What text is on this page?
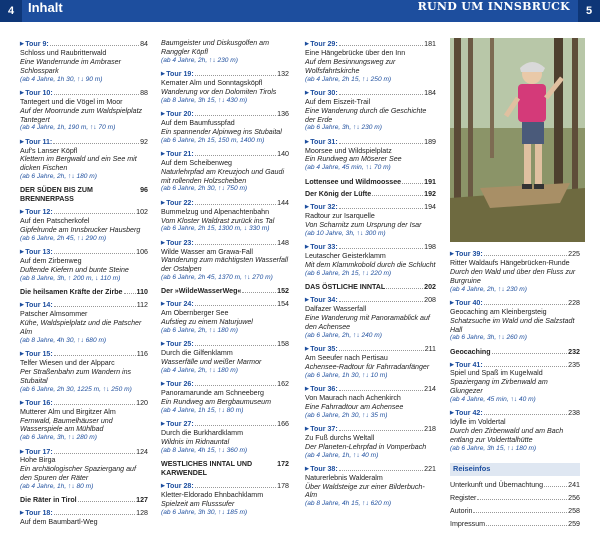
4	Inhalt	RUND UM INNSBRUCK	5
▶ Tour 9:	84
Schloss und Raubritterwald
Eine Wanderrunde im Ambraser Schlosspark
(ab 4 Jahre, 1h 30, ↑↓ 90 m)
▶ Tour 10:	88
Tantegert und die Vögel im Moor
Auf der Moorrunde zum Waldspielplatz Tantegert
(ab 4 Jahre, 1h, 190 m, ↑↓ 70 m)
▶ Tour 11:	92
Auf's Lanser Köpfl
Klettern im Bergwald und ein See mit dicken Fischen
(ab 6 Jahre, 2h, ↑↓ 180 m)
DER SÜDEN BIS ZUM BRENNERPASS
96
▶ Tour 12:	102
Auf den Patscherkofel
Gipfelrunde am Innsbrucker Hausberg
(ab 6 Jahre, 2h 45, ↑↓ 290 m)
▶ Tour 13:	106
Auf dem Zirbenweg
Duftende Kiefern und bunte Steine
(ab 8 Jahre, 3h, ↑ 200 m, ↓ 110 m)
Die heilsamen Kräfte der Zirbe 110
▶ Tour 14:	112
Patscher Almsommer
Kühe, Waldspielplatz und die Patscher Alm
(ab 8 Jahre, 4h 30, ↑↓ 680 m)
▶ Tour 15:	116
Telfer Wiesen und der Alpparc
Per Straßenbahn zum Wandern ins Stubaital
(ab 6 Jahre, 2h 30, 1225 m, ↑↓ 250 m)
▶ Tour 16:	120
Mutterer Alm und Birgitzer Alm
Fernwald, Baumelhäuser und Wasserspiele am Mühlbad
(ab 6 Jahre, 3h, ↑↓ 280 m)
▶ Tour 17:	124
Hohe Birga
Ein archäologischer Spaziergang auf den Spuren der Räter
(ab 4 Jahre, 1h, ↑↓ 80 m)
Die Räter in Tirol	127
▶ Tour 18:	128
Auf dem Baumbartl-Weg
Baumgeister und Diskusgolfen am Ranggler Köpfl
(ab 4 Jahre, 2h, ↑↓ 230 m)
▶ Tour 19:	132
Kemater Alm und Sonntagsköpfl
Wanderung vor den Dolomiten Tirols
(ab 8 Jahre, 3h 15, ↑↓ 430 m)
▶ Tour 20:	136
Auf dem Baumfusspfad
Ein spannender Alpinweg ins Stubaital
(ab 6 Jahre, 2h 15, 150 m, 1400 m)
▶ Tour 21:	140
Auf dem Scheibenweg
Naturlehrpfad am Kreuzjoch und Gaudi mit rollenden Holzscheiben
(ab 6 Jahre, 2h 30, ↑↓ 750 m)
▶ Tour 22:	144
Bummelzug und Alpenachtenbahn
Vom Kloster Waldrast zurück ins Tal
(ab 6 Jahre, 2h 15, 1300 m, ↓ 330 m)
▶ Tour 23:	148
Wilde Wasser am Grawa-Fall
Wanderung zum mächtigsten Wasserfall der Ostalpen
(ab 6 Jahre, 2h 45, 1370 m, ↑↓ 270 m)
Der »WildeWasserWeg«	152
▶ Tour 24:	154
Am Obernberger See
Aufstieg zu einem Naturjuwel
(ab 6 Jahre, 2h, ↑↓ 180 m)
▶ Tour 25:	158
Durch die Gilfenklamm
Wasserfälle und weißer Marmor
(ab 4 Jahre, 2h, ↑↓ 180 m)
▶ Tour 26:	162
Panoramarunde am Schneeberg
Ein Rundweg am Bergbaumuseum
(ab 4 Jahre, 1h 15, ↑↓ 80 m)
▶ Tour 27:	166
Durch die Burkhardklamm
Wildnis im Ridnauntal
(ab 8 Jahre, 4h 15, ↑↓ 360 m)
WESTLICHES INNTAL UND KARWENDEL
172
▶ Tour 28:	178
Kletter-Eldorado Ehnbachklamm
Spielzeit am Flusssufer
(ab 6 Jahre, 3h 30, ↑↓ 185 m)
▶ Tour 29:	181
Eine Hängebrücke über den Inn
Auf dem Besinnungsweg zur Wolfsfahrtskirche
(ab 4 Jahre, 2h 15, ↑↓ 250 m)
▶ Tour 30:	184
Auf dem Eiszeit-Trail
Eine Wanderung durch die Geschichte der Erde
(ab 6 Jahre, 3h, ↑↓ 230 m)
▶ Tour 31:	189
Moorsee und Wildspielplatz
Ein Rundweg am Möserer See
(ab 4 Jahre, 45 min, ↑↓ 70 m)
Lottensee und Wildmoossee	191
Der König der Lüfte	192
▶ Tour 32:	194
Radtour zur Isarquelle
Von Scharnitz zum Ursprung der Isar
(ab 10 Jahre, 3h, ↑↓ 300 m)
▶ Tour 33:	198
Leutascher Geisterklamm
Mit dem Klammkobold durch die Schlucht
(ab 6 Jahre, 2h 15, ↑↓ 220 m)
DAS ÖSTLICHE INNTAL	202
▶ Tour 34:	208
Dalfazer Wasserfall
Eine Wanderung mit Panoramablick auf den Achensee
(ab 6 Jahre, 2h, ↑↓ 240 m)
▶ Tour 35:	211
Am Seeufer nach Pertisau
Achensee-Radtour für Fahrradanfänger
(ab 6 Jahre, 1h 30, ↑↓ 10 m)
▶ Tour 36:	214
Von Maurach nach Achenkirch
Eine Fahrradtour am Achensee
(ab 6 Jahre, 2h 30, ↑↓ 35 m)
▶ Tour 37:	218
Zu Fuß durchs Weltall
Der Planeten-Lehrpfad in Vomperbach
(ab 4 Jahre, 1h, ↑↓ 40 m)
▶ Tour 38:	221
Naturerlebnis Walderalm
Über Waldsteige zur einer Bilderbuch-Alm
(ab 8 Jahre, 4h 15, ↑↓ 620 m)
▶ Tour 39:	225
Ritter Waldaufs Hängebrücken-Runde
Durch den Wald und über den Fluss zur Burgruine
(ab 4 Jahre, 2h, ↑↓ 230 m)
▶ Tour 40:	228
Geocaching am Kleinbergsteig
Schatzsuche im Wald und die Salzstadt Hall
(ab 6 Jahre, 3h, ↑↓ 260 m)
Geocaching	232
▶ Tour 41:	235
Spiel und Spaß im Kugelwald
Spaziergang im Zirbenwald am Glungezer
(ab 4 Jahre, 45 min, ↑↓ 40 m)
▶ Tour 42:	238
Idylle im Voldertal
Durch den Zirbenwald und am Bach entlang zur Volderttalhütte
(ab 6 Jahre, 3h 15, ↑↓ 180 m)
Reiseinfos
Unterkunft und Übernachtung	241
Register	256
Autorin	258
Impressum	259
